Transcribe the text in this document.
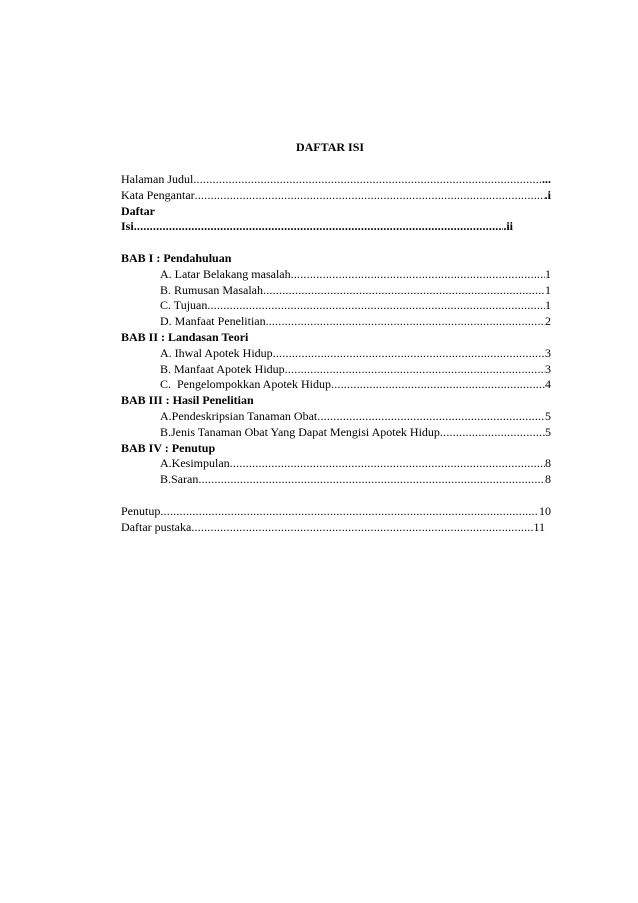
DAFTAR ISI
Halaman Judul .....	...
Kata Pengantar .....	.i
Daftar
Isi .....	.ii
BAB I : Pendahuluan
A. Latar Belakang masalah .....	1
B. Rumusan Masalah .....	1
C. Tujuan .....	1
D. Manfaat Penelitian. .....	2
BAB II : Landasan Teori
A. Ihwal Apotek Hidup .....	3
B. Manfaat Apotek Hidup .....	3
C.  Pengelompokkan Apotek Hidup .....	4
BAB III : Hasil Penelitian
A.Pendeskripsian Tanaman Obat .....	5
B.Jenis Tanaman Obat Yang Dapat Mengisi Apotek Hidup .....	5
BAB IV : Penutup
A.Kesimpulan .....	8
B.Saran .....	8
Penutup .....	10
Daftar pustaka .....	11
